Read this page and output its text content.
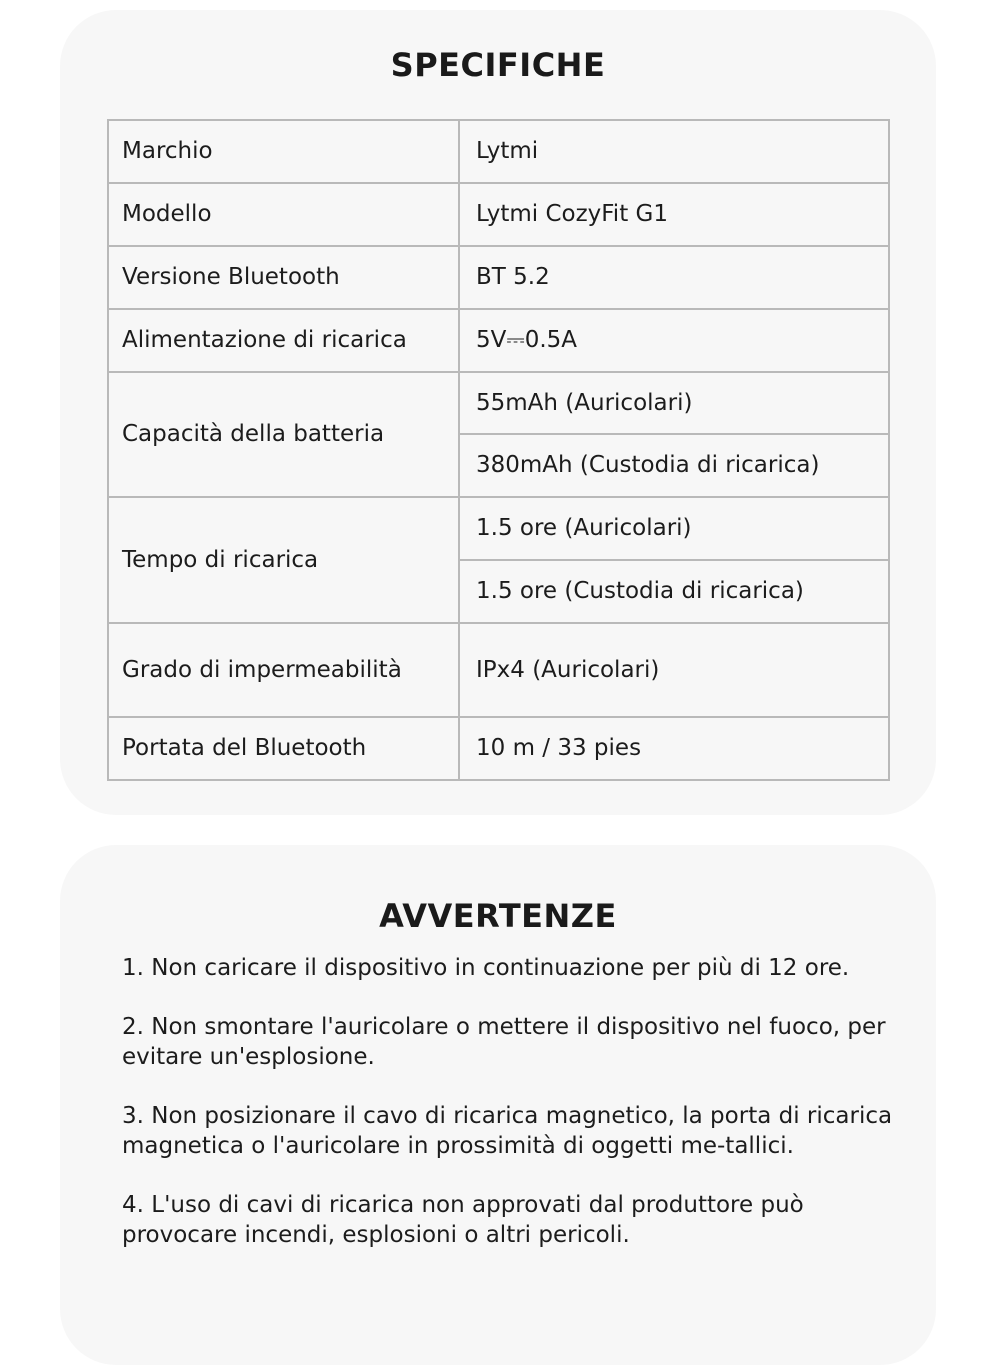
SPECIFICHE
Marchio	Lytmi
Modello	Lytmi CozyFit G1
Versione Bluetooth	BT 5.2
Alimentazione di ricarica	5V⎓0.5A
Capacità della batteria	55mAh (Auricolari)
	380mAh (Custodia di ricarica)
Tempo di ricarica	1.5 ore (Auricolari)
	1.5 ore (Custodia di ricarica)
Grado di impermeabilità	IPx4 (Auricolari)
Portata del Bluetooth	10 m / 33 pies
AVVERTENZE
1. Non caricare il dispositivo in continuazione per più di 12 ore.
2. Non smontare l'auricolare o mettere il dispositivo nel fuoco, per evitare un'esplosione.
3. Non posizionare il cavo di ricarica magnetico, la porta di ricarica magnetica o l'auricolare in prossimità di oggetti me-tallici.
4. L'uso di cavi di ricarica non approvati dal produttore può provocare incendi, esplosioni o altri pericoli.
